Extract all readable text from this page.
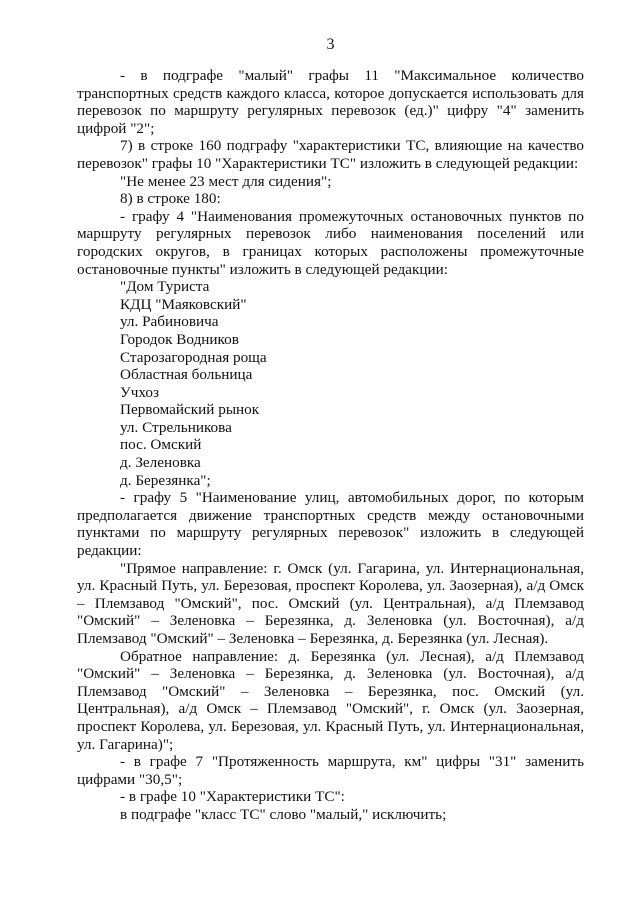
3

- в подграфе "малый" графы 11 "Максимальное количество транспортных средств каждого класса, которое допускается использовать для перевозок по маршруту регулярных перевозок (ед.)" цифру "4" заменить цифрой "2";

7) в строке 160 подграфу "характеристики ТС, влияющие на качество перевозок" графы 10 "Характеристики ТС" изложить в следующей редакции:

"Не менее 23 мест для сидения";

8) в строке 180:

- графу 4 "Наименования промежуточных остановочных пунктов по маршруту регулярных перевозок либо наименования поселений или городских округов, в границах которых расположены промежуточные остановочные пункты" изложить в следующей редакции:

"Дом Туриста
КДЦ "Маяковский"
ул. Рабиновича
Городок Водников
Старозагородная роща
Областная больница
Учхоз
Первомайский рынок
ул. Стрельникова
пос. Омский
д. Зеленовка
д. Березянка";

- графу 5 "Наименование улиц, автомобильных дорог, по которым предполагается движение транспортных средств между остановочными пунктами по маршруту регулярных перевозок" изложить в следующей редакции:

"Прямое направление: г. Омск (ул. Гагарина, ул. Интернациональная, ул. Красный Путь, ул. Березовая, проспект Королева, ул. Заозерная), а/д Омск – Племзавод "Омский", пос. Омский (ул. Центральная), а/д Племзавод "Омский" – Зеленовка – Березянка, д. Зеленовка (ул. Восточная), а/д Племзавод "Омский" – Зеленовка – Березянка, д. Березянка (ул. Лесная).

Обратное направление: д. Березянка (ул. Лесная), а/д Племзавод "Омский" – Зеленовка – Березянка, д. Зеленовка (ул. Восточная), а/д Племзавод "Омский" – Зеленовка – Березянка, пос. Омский (ул. Центральная), а/д Омск – Племзавод "Омский", г. Омск (ул. Заозерная, проспект Королева, ул. Березовая, ул. Красный Путь, ул. Интернациональная, ул. Гагарина)";

- в графе 7 "Протяженность маршрута, км" цифры "31" заменить цифрами "30,5";

- в графе 10 "Характеристики ТС":

в подграфе "класс ТС" слово "малый," исключить;
